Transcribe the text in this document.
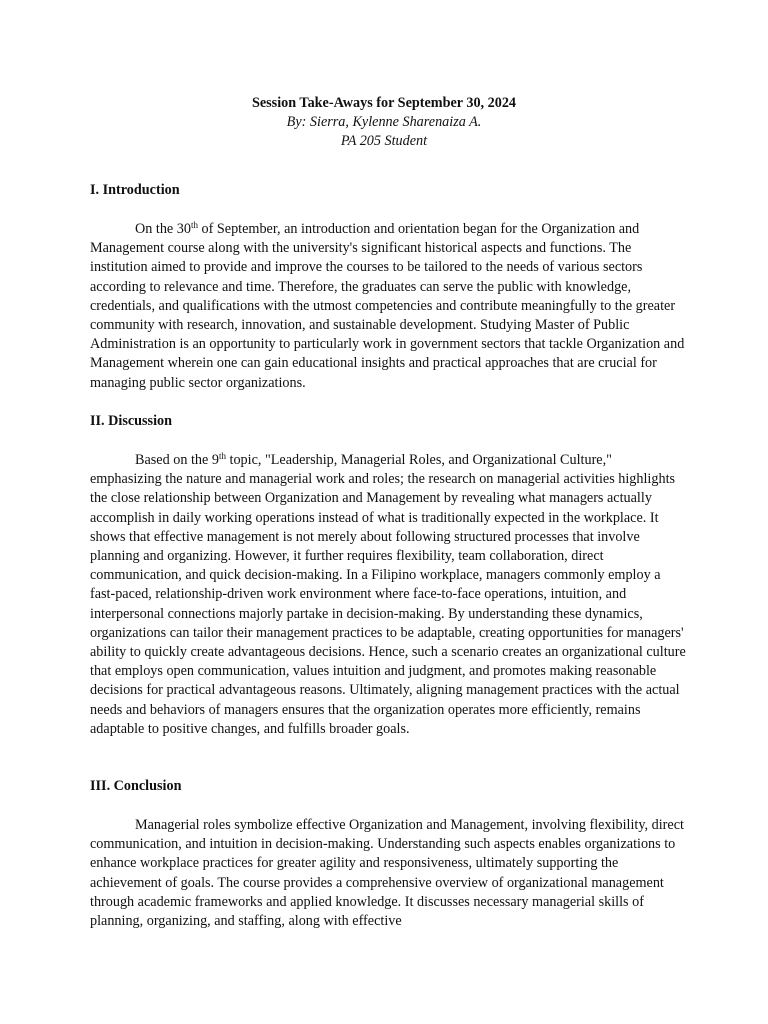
Session Take-Aways for September 30, 2024
By: Sierra, Kylenne Sharenaiza A.
PA 205 Student
I. Introduction

On the 30th of September, an introduction and orientation began for the Organization and Management course along with the university's significant historical aspects and functions. The institution aimed to provide and improve the courses to be tailored to the needs of various sectors according to relevance and time. Therefore, the graduates can serve the public with knowledge, credentials, and qualifications with the utmost competencies and contribute meaningfully to the greater community with research, innovation, and sustainable development. Studying Master of Public Administration is an opportunity to particularly work in government sectors that tackle Organization and Management wherein one can gain educational insights and practical approaches that are crucial for managing public sector organizations.

II. Discussion

Based on the 9th topic, "Leadership, Managerial Roles, and Organizational Culture," emphasizing the nature and managerial work and roles; the research on managerial activities highlights the close relationship between Organization and Management by revealing what managers actually accomplish in daily working operations instead of what is traditionally expected in the workplace. It shows that effective management is not merely about following structured processes that involve planning and organizing. However, it further requires flexibility, team collaboration, direct communication, and quick decision-making. In a Filipino workplace, managers commonly employ a fast-paced, relationship-driven work environment where face-to-face operations, intuition, and interpersonal connections majorly partake in decision-making. By understanding these dynamics, organizations can tailor their management practices to be adaptable, creating opportunities for managers' ability to quickly create advantageous decisions. Hence, such a scenario creates an organizational culture that employs open communication, values intuition and judgment, and promotes making reasonable decisions for practical advantageous reasons. Ultimately, aligning management practices with the actual needs and behaviors of managers ensures that the organization operates more efficiently, remains adaptable to positive changes, and fulfills broader goals.

III. Conclusion

Managerial roles symbolize effective Organization and Management, involving flexibility, direct communication, and intuition in decision-making. Understanding such aspects enables organizations to enhance workplace practices for greater agility and responsiveness, ultimately supporting the achievement of goals. The course provides a comprehensive overview of organizational management through academic frameworks and applied knowledge. It discusses necessary managerial skills of planning, organizing, and staffing, along with effective
